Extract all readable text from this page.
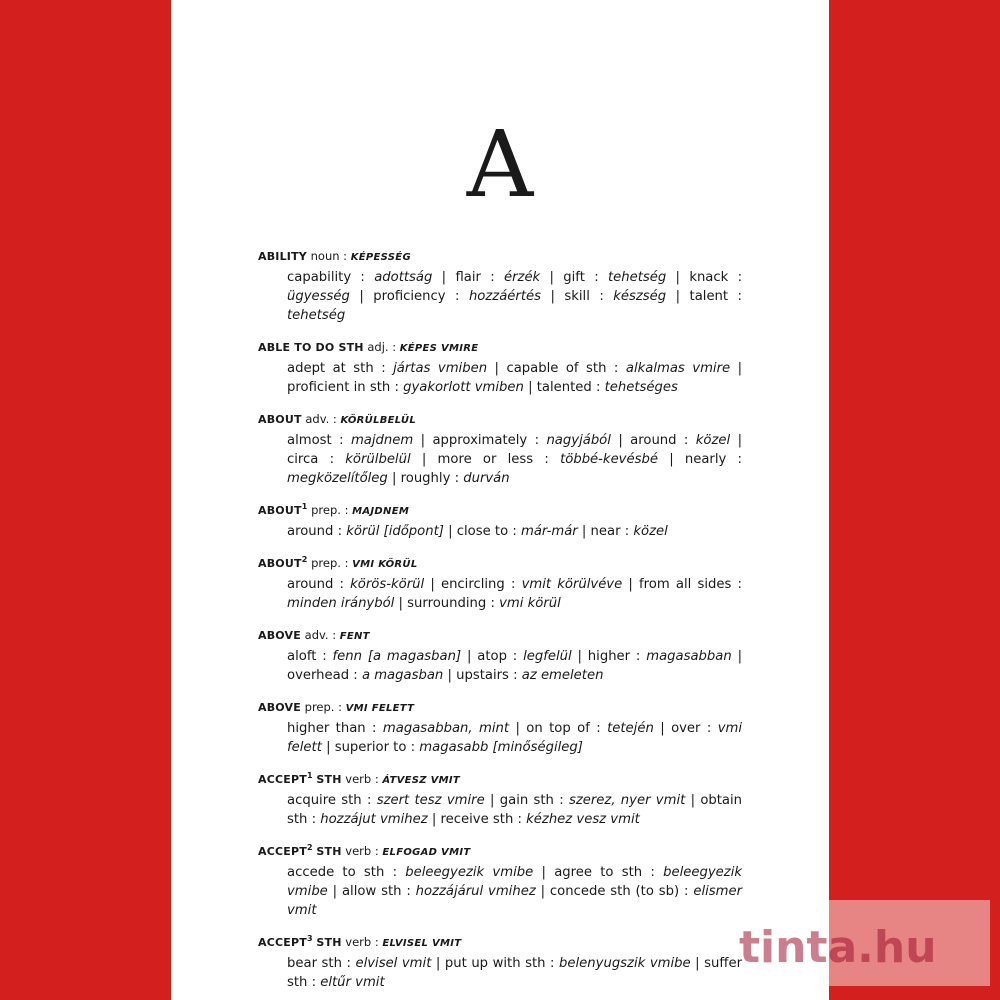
A
ABILITY noun : KÉPESSÉG
capability : adottság | flair : érzék | gift : tehetség | knack : ügyesség | proficiency : hozzáértés | skill : készség | talent : tehetség
ABLE TO DO STH adj. : KÉPES VMIRE
adept at sth : jártas vmiben | capable of sth : alkalmas vmire | proficient in sth : gyakorlott vmiben | talented : tehetséges
ABOUT adv. : KÖRÜLBELÜL
almost : majdnem | approximately : nagyjából | around : közel | circa : körülbelül | more or less : többé-kevésbé | nearly : megközelítőleg | roughly : durván
ABOUT$^1$ prep. : MAJDNEM
around : körül [időpont] | close to : már-már | near : közel
ABOUT$^2$ prep. : VMI KÖRÜL
around : körös-körül | encircling : vmit körülvéve | from all sides : minden irányból | surrounding : vmi körül
ABOVE adv. : FENT
aloft : fenn [a magasban] | atop : legfelül | higher : magasabban | overhead : a magasban | upstairs : az emeleten
ABOVE prep. : VMI FELETT
higher than : magasabban, mint | on top of : tetején | over : vmi felett | superior to : magasabb [minőségileg]
ACCEPT$^1$ STH verb : ÁTVESZ VMIT
acquire sth : szert tesz vmire | gain sth : szerez, nyer vmit | obtain sth : hozzájut vmihez | receive sth : kézhez vesz vmit
ACCEPT$^2$ STH verb : ELFOGAD VMIT
accede to sth : beleegyezik vmibe | agree to sth : beleegyezik vmibe | allow sth : hozzájárul vmihez | concede sth (to sb) : elismer vmit
ACCEPT$^3$ STH verb : ELVISEL VMIT
bear sth : elvisel vmit | put up with sth : belenyugszik vmibe | suffer sth : eltűr vmit
tinta.hu
